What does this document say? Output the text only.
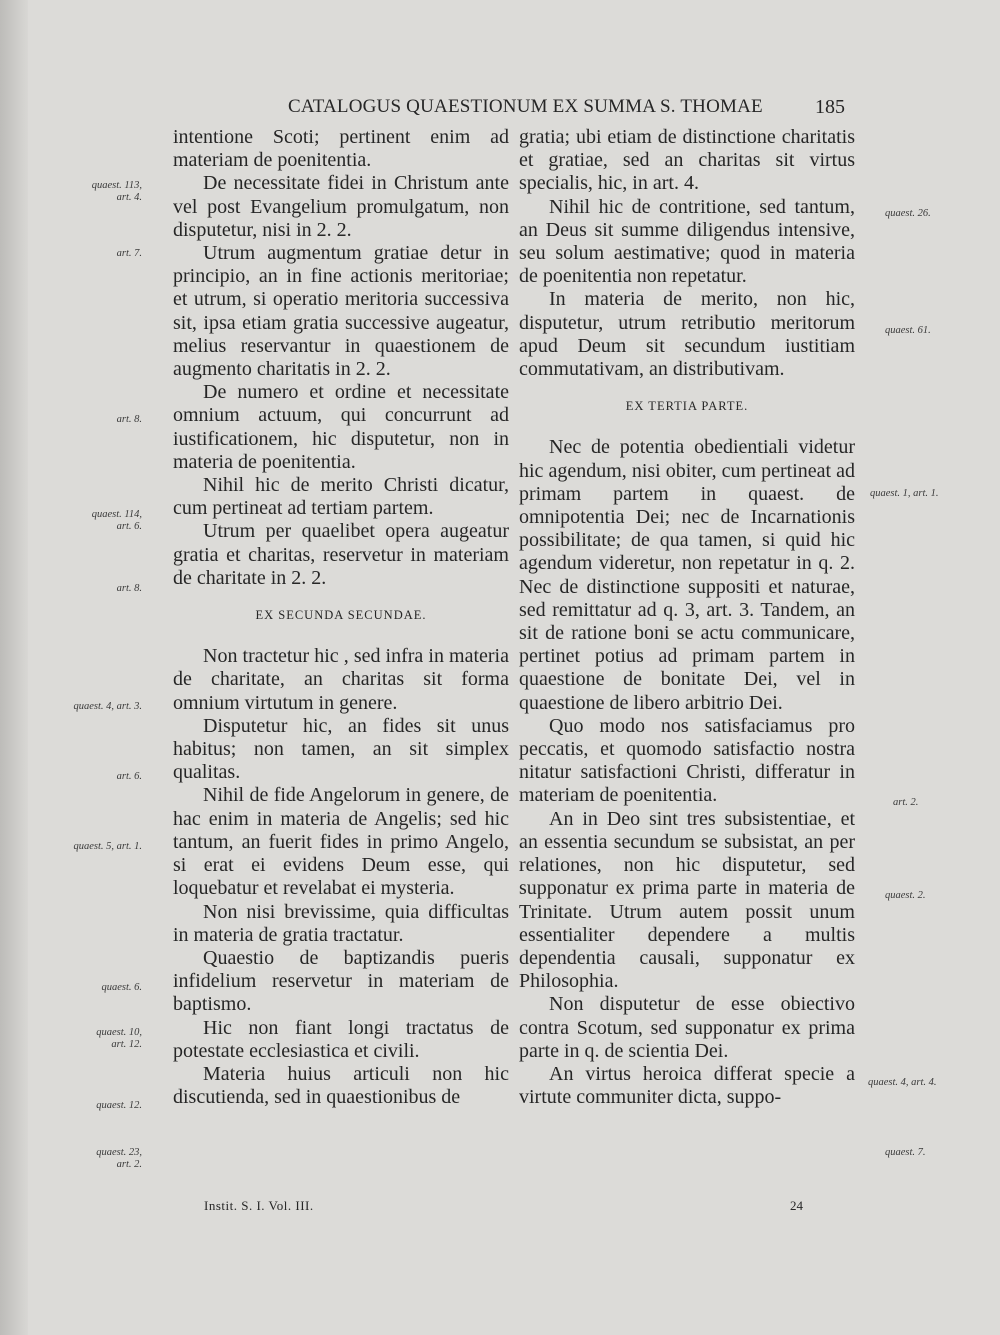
CATALOGUS QUAESTIONUM EX SUMMA S. THOMAE	185

intentione Scoti; pertinent enim ad materiam de poenitentia.

De necessitate fidei in Christum ante vel post Evangelium promulgatum, non disputetur, nisi in 2. 2.

Utrum augmentum gratiae detur in principio, an in fine actionis meritoriae; et utrum, si operatio meritoria successiva sit, ipsa etiam gratia successive augeatur, melius reservantur in quaestionem de augmento charitatis in 2. 2.

De numero et ordine et necessitate omnium actuum, qui concurrunt ad iustificationem, hic disputetur, non in materia de poenitentia.

Nihil hic de merito Christi dicatur, cum pertineat ad tertiam partem.

Utrum per quaelibet opera augeatur gratia et charitas, reservetur in materiam de charitate in 2. 2.

EX SECUNDA SECUNDAE.

Non tractetur hic , sed infra in materia de charitate, an charitas sit forma omnium virtutum in genere.

Disputetur hic, an fides sit unus habitus; non tamen, an sit simplex qualitas.

Nihil de fide Angelorum in genere, de hac enim in materia de Angelis; sed hic tantum, an fuerit fides in primo Angelo, si erat ei evidens Deum esse, qui loquebatur et revelabat ei mysteria.

Non nisi brevissime, quia difficultas in materia de gratia tractatur.

Quaestio de baptizandis pueris infidelium reservetur in materiam de baptismo.

Hic non fiant longi tractatus de potestate ecclesiastica et civili.

Materia huius articuli non hic discutienda, sed in quaestionibus de

gratia; ubi etiam de distinctione charitatis et gratiae, sed an charitas sit virtus specialis, hic, in art. 4.

Nihil hic de contritione, sed tantum, an Deus sit summe diligendus intensive, seu solum aestimative; quod in materia de poenitentia non repetatur.

In materia de merito, non hic, disputetur, utrum retributio meritorum apud Deum sit secundum iustitiam commutativam, an distributivam.

EX TERTIA PARTE.

Nec de potentia obedientiali videtur hic agendum, nisi obiter, cum pertineat ad primam partem in quaest. de omnipotentia Dei; nec de Incarnationis possibilitate; de qua tamen, si quid hic agendum videretur, non repetatur in q. 2. Nec de distinctione suppositi et naturae, sed remittatur ad q. 3, art. 3. Tandem, an sit de ratione boni se actu communicare, pertinet potius ad primam partem in quaestione de bonitate Dei, vel in quaestione de libero arbitrio Dei.

Quo modo nos satisfaciamus pro peccatis, et quomodo satisfactio nostra nitatur satisfactioni Christi, differatur in materiam de poenitentia.

An in Deo sint tres subsistentiae, et an essentia secundum se subsistat, an per relationes, non hic disputetur, sed supponatur ex prima parte in materia de Trinitate. Utrum autem possit unum essentialiter dependere a multis dependentia causali, supponatur ex Philosophia.

Non disputetur de esse obiectivo contra Scotum, sed supponatur ex prima parte in q. de scientia Dei.

An virtus heroica differat specie a virtute communiter dicta, suppo-

quaest. 113,
art. 4.
art. 7.
art. 8.
quaest. 114,
art. 6.
art. 8.
quaest. 4, art. 3.
art. 6.
quaest. 5, art. 1.
quaest. 6.
quaest. 10,
art. 12.
quaest. 12.
quaest. 23,
art. 2.
quaest. 26.
quaest. 61.
quaest. 1, art. 1.
art. 2.
quaest. 2.
quaest. 4, art. 4.
quaest. 7.
Instit. S. I. Vol. III.	24
